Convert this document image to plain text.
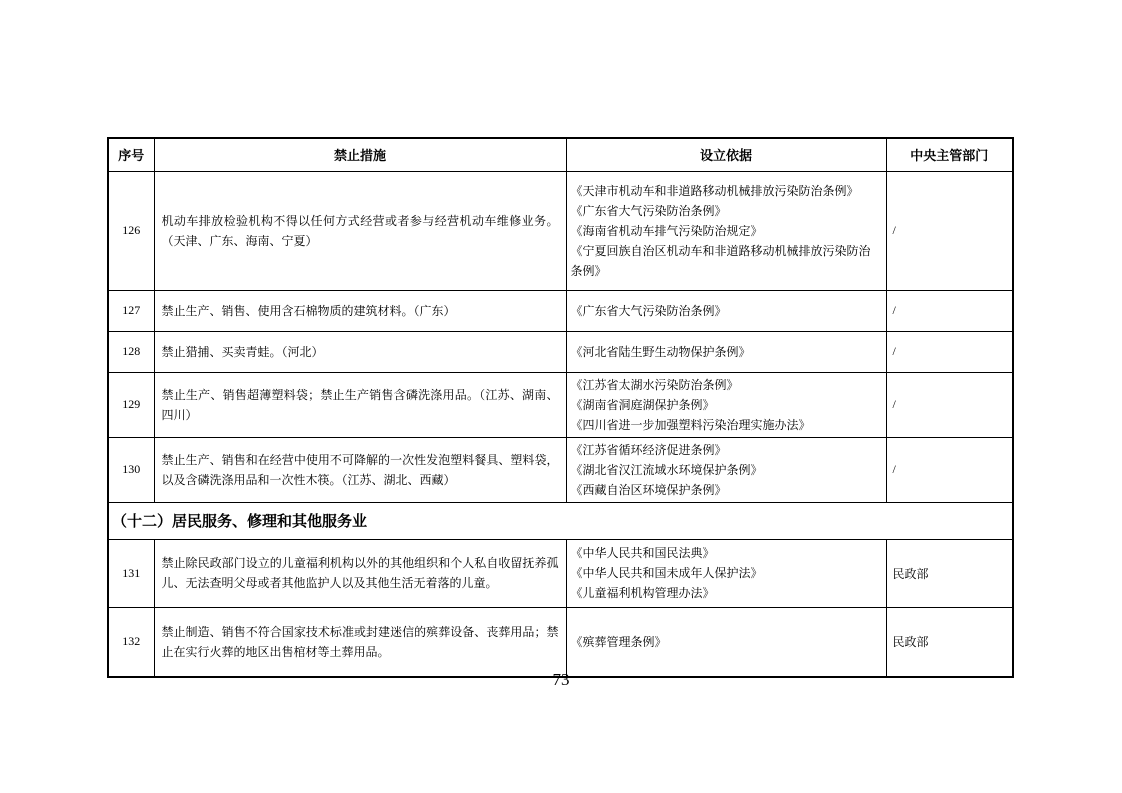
序号	禁止措施	设立依据	中央主管部门
126	机动车排放检验机构不得以任何方式经营或者参与经营机动车维修业务。（天津、广东、海南、宁夏）	《天津市机动车和非道路移动机械排放污染防治条例》
《广东省大气污染防治条例》
《海南省机动车排气污染防治规定》
《宁夏回族自治区机动车和非道路移动机械排放污染防治条例》	/
127	禁止生产、销售、使用含石棉物质的建筑材料。（广东）	《广东省大气污染防治条例》	/
128	禁止猎捕、买卖青蛙。（河北）	《河北省陆生野生动物保护条例》	/
129	禁止生产、销售超薄塑料袋；禁止生产销售含磷洗涤用品。（江苏、湖南、四川）	《江苏省太湖水污染防治条例》
《湖南省洞庭湖保护条例》
《四川省进一步加强塑料污染治理实施办法》	/
130	禁止生产、销售和在经营中使用不可降解的一次性发泡塑料餐具、塑料袋，以及含磷洗涤用品和一次性木筷。（江苏、湖北、西藏）	《江苏省循环经济促进条例》
《湖北省汉江流域水环境保护条例》
《西藏自治区环境保护条例》	/
（十二）居民服务、修理和其他服务业			
131	禁止除民政部门设立的儿童福利机构以外的其他组织和个人私自收留抚养孤儿、无法查明父母或者其他监护人以及其他生活无着落的儿童。	《中华人民共和国民法典》
《中华人民共和国未成年人保护法》
《儿童福利机构管理办法》	民政部
132	禁止制造、销售不符合国家技术标准或封建迷信的殡葬设备、丧葬用品；禁止在实行火葬的地区出售棺材等土葬用品。	《殡葬管理条例》	民政部
73
